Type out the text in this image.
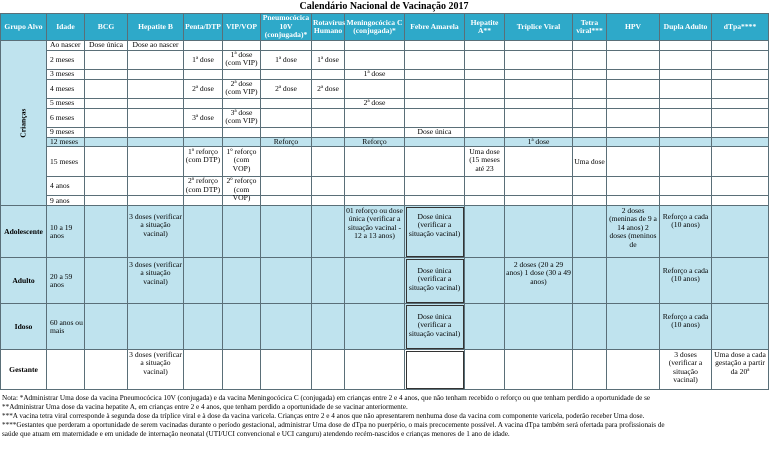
Calendário Nacional de Vacinação 2017
Grupo Alvo	Idade	BCG	Hepatite B	Penta/DTP	VIP/VOP	Pneumocócica 10V (conjugada)*	Rotavírus Humano	Meningocócica C (conjugada)*	Febre Amarela	Hepatite A**	Tríplice Viral	Tetra viral***	HPV	Dupla Adulto	dTpa****
Crianças	Ao nascer	Dose única	Dose ao nascer												
	2 meses			1ª dose	1ª dose (com VIP)	1ª dose	1ª dose								
	3 meses							1ª dose							
	4 meses			2ª dose	2ª dose (com VIP)	2ª dose	2ª dose								
	5 meses							2ª dose							
	6 meses			3ª dose	3ª dose (com VIP)										

	9 meses								Dose única						
	12 meses					Reforço		Reforço			1ª dose				
	15 meses			1º reforço (com DTP)	1º reforço (com VOP)					Uma dose (15 meses até 23		Uma dose			
	4 anos			2º reforço (com DTP)	2º reforço (com VOP)										

	9 anos														
Adolescente	10 a 19 anos		3 doses (verificar a situação vacinal)					01 reforço ou dose única (verificar a situação vacinal - 12 a 13 anos)	Dose única (verificar a situação vacinal)				2 doses (meninas de 9 a 14 anos) 2 doses (meninos de	Reforço a cada (10 anos)	

Adulto	20 a 59 anos		3 doses (verificar a situação vacinal)						Dose única (verificar a situação vacinal)		2 doses (20 a 29 anos) 1 dose (30 a 49 anos)			Reforço a cada (10 anos)	

Idoso	60 anos ou mais								Dose única (verificar a situação vacinal)					Reforço a cada (10 anos)	

Gestante			3 doses (verificar a situação vacinal)											3 doses (verificar a situação vacinal)	Uma dose a cada gestação a partir da 20ª

Nota: *Administrar Uma dose da vacina Pneumocócica 10V (conjugada) e da vacina Meningocócica C (conjugada) em crianças entre 2 e 4 anos, que não tenham recebido o reforço ou que tenham perdido a oportunidade de se

**Administrar Uma dose da vacina hepatite A, em crianças entre 2 e 4 anos, que tenham perdido a oportunidade de se vacinar anteriormente.

***A vacina tetra viral corresponde à segunda dose da tríplice viral e à dose da vacina varicela. Crianças entre 2 e 4 anos que não apresentarem nenhuma dose da vacina com componente varicela, poderão receber Uma dose.

****Gestantes que perderam a oportunidade de serem vacinadas durante o período gestacional, administrar Uma dose de dTpa no puerpério, o mais precocemente possível. A vacina dTpa também será ofertada para profissionais de

saúde que atuam em maternidade e em unidade de internação neonatal (UTI/UCI convencional e UCI canguru) atendendo recém-nascidos e crianças menores de 1 ano de idade.
